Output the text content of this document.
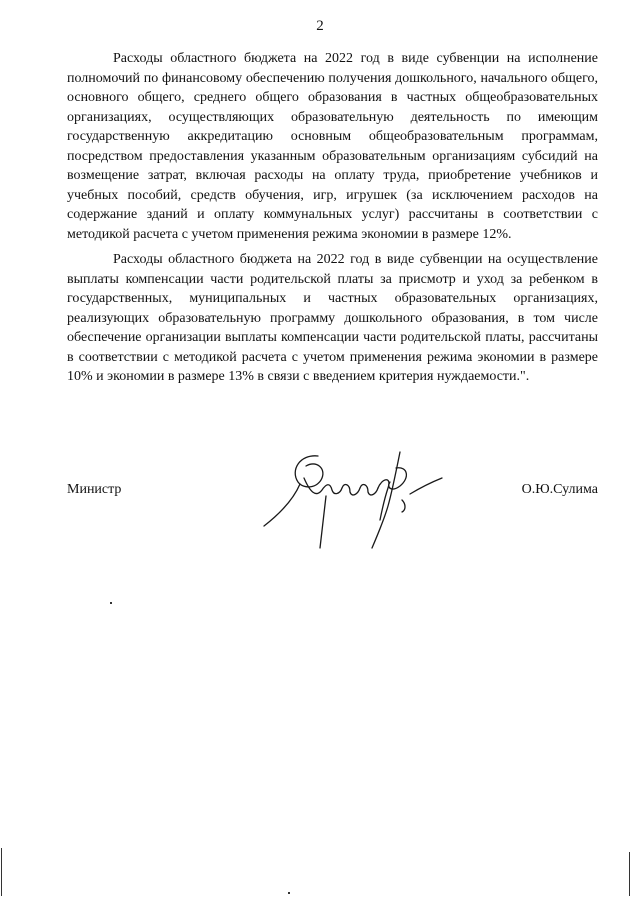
2

Расходы областного бюджета на 2022 год в виде субвенции на исполнение полномочий по финансовому обеспечению получения дошкольного, начального общего, основного общего, среднего общего образования в частных общеобразовательных организациях, осуществляющих образовательную деятельность по имеющим государственную аккредитацию основным общеобразовательным программам, посредством предоставления указанным образовательным организациям субсидий на возмещение затрат, включая расходы на оплату труда, приобретение учебников и учебных пособий, средств обучения, игр, игрушек (за исключением расходов на содержание зданий и оплату коммунальных услуг) рассчитаны в соответствии с методикой расчета с учетом применения режима экономии в размере 12%.

Расходы областного бюджета на 2022 год в виде субвенции на осуществление выплаты компенсации части родительской платы за присмотр и уход за ребенком в государственных, муниципальных и частных образовательных организациях, реализующих образовательную программу дошкольного образования, в том числе обеспечение организации выплаты компенсации части родительской платы, рассчитаны в соответствии с методикой расчета с учетом применения режима экономии в размере 10% и экономии в размере 13% в связи с введением критерия нуждаемости.".

Министр	О.Ю.Сулима
